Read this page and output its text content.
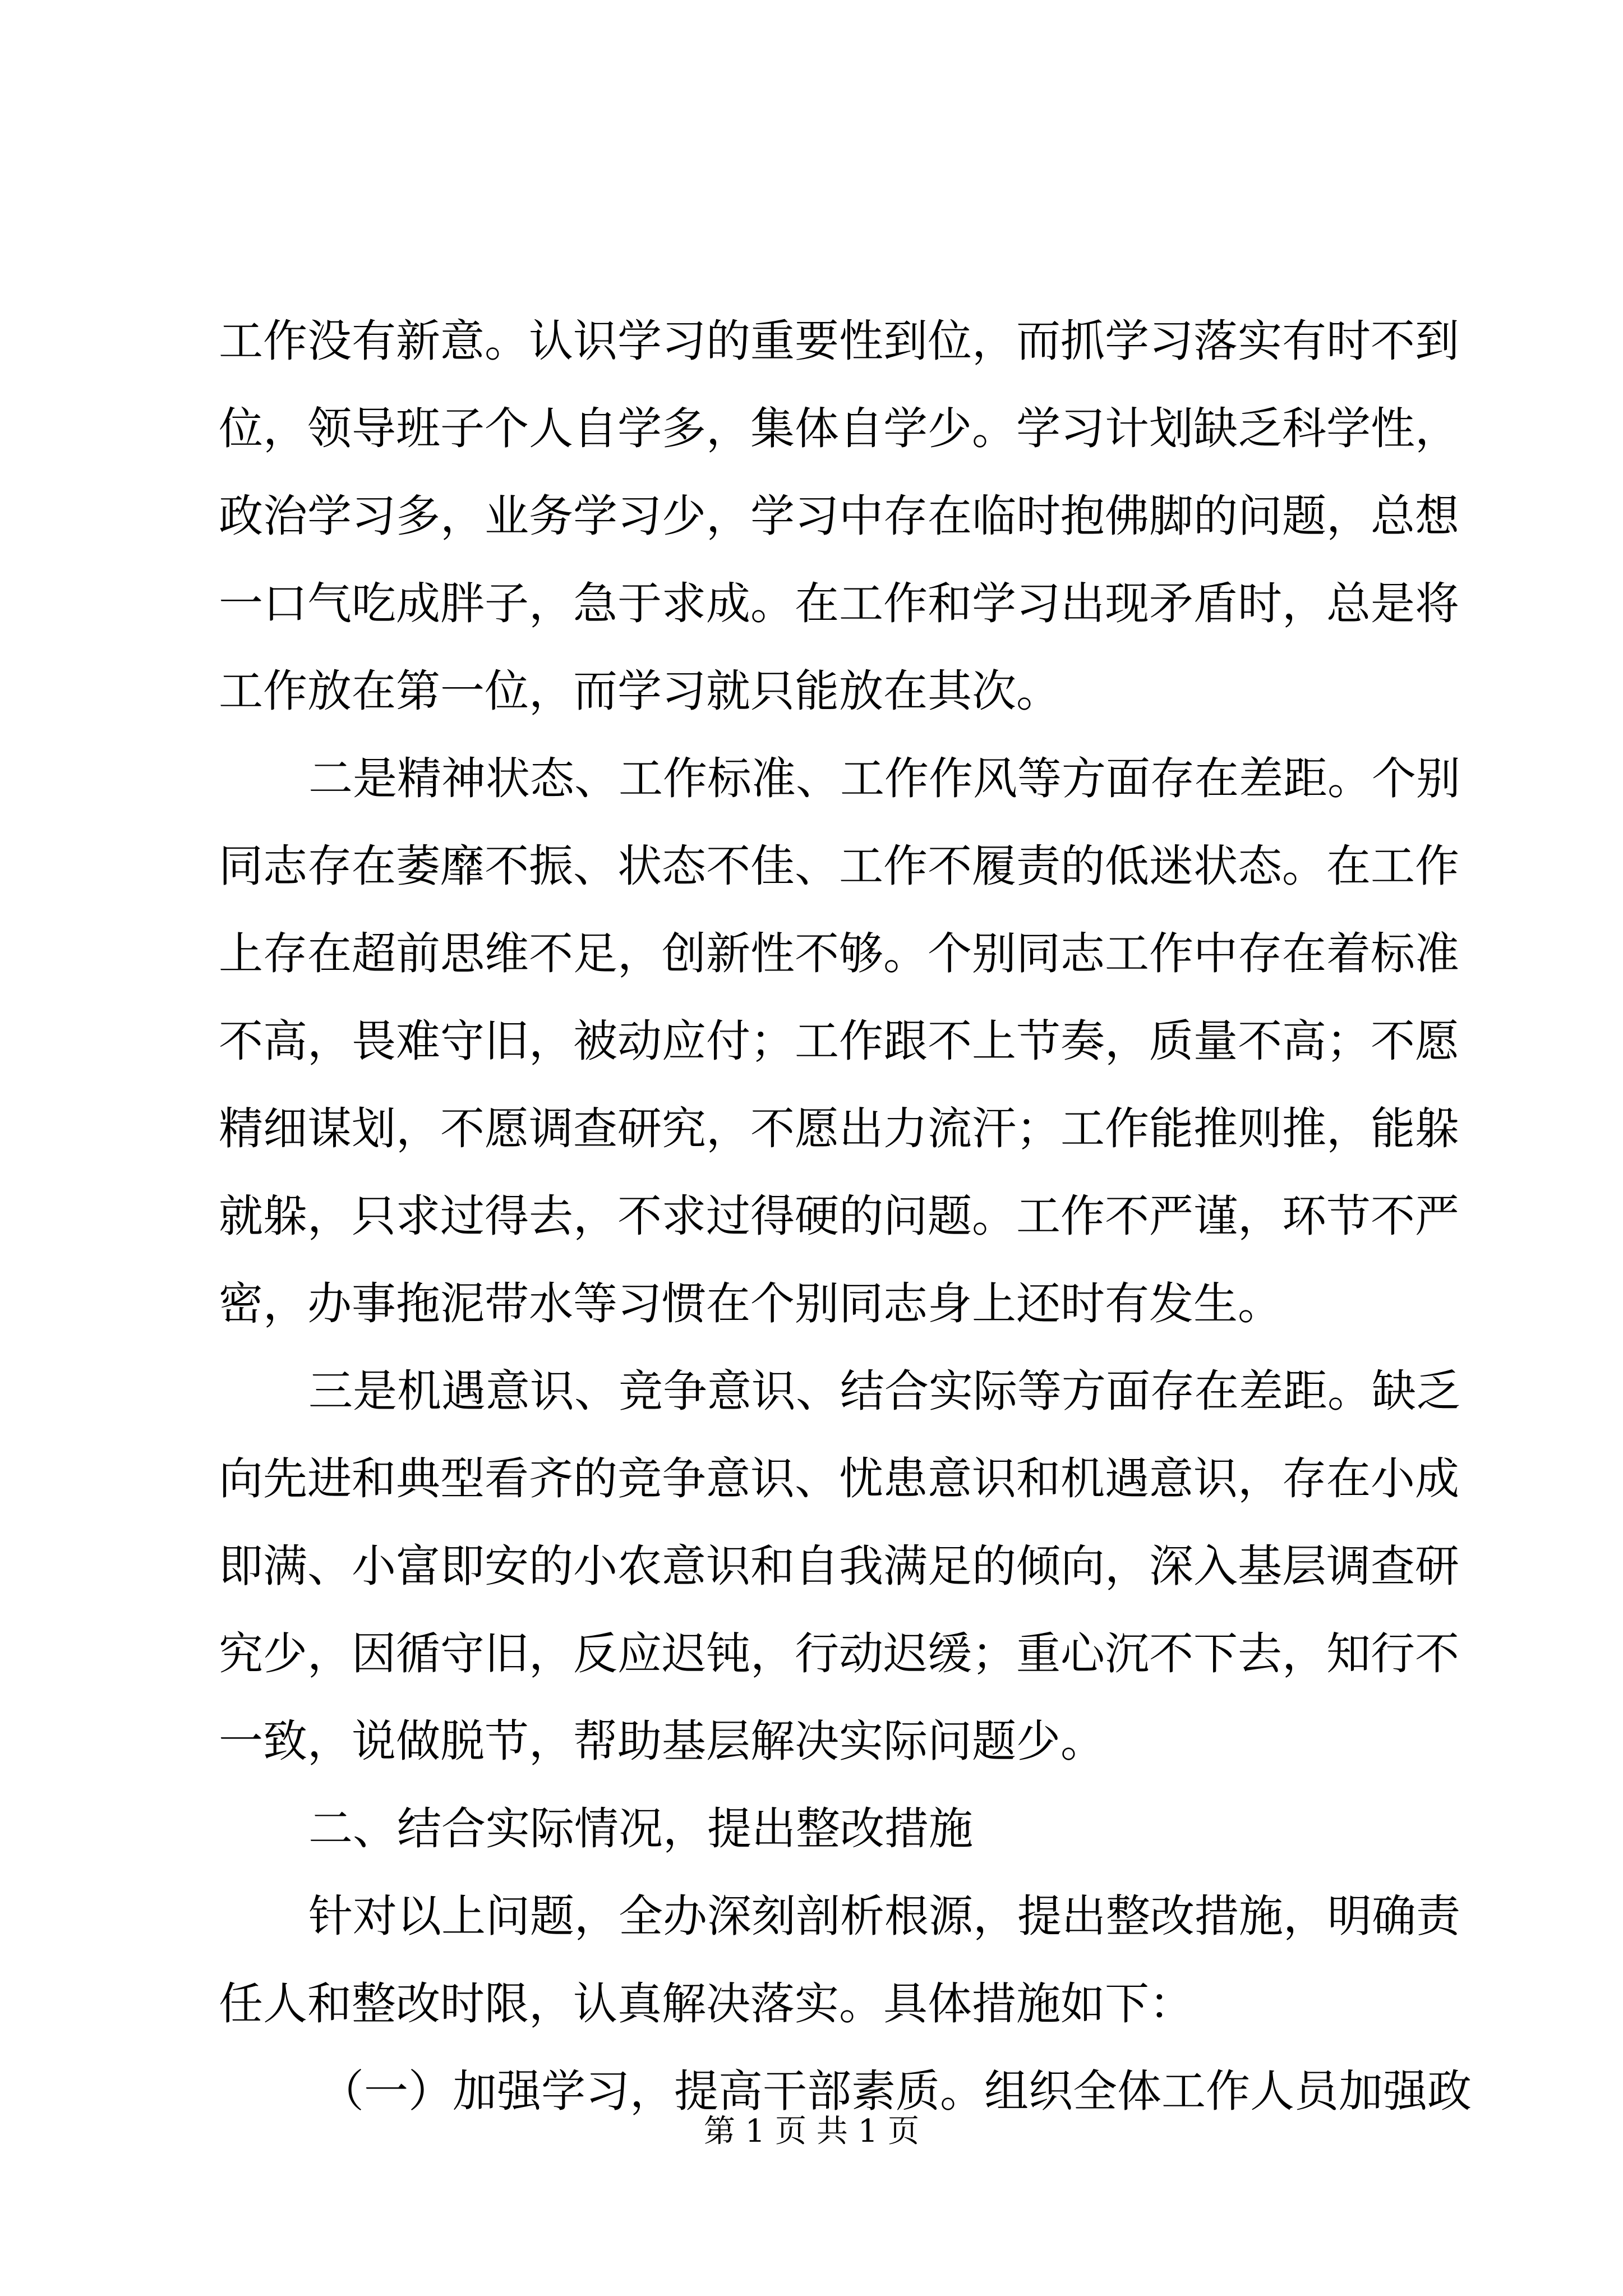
工作没有新意。认识学习的重要性到位，而抓学习落实有时不到
位，领导班子个人自学多，集体自学少。学习计划缺乏科学性，
政治学习多，业务学习少，学习中存在临时抱佛脚的问题，总想
一口气吃成胖子，急于求成。在工作和学习出现矛盾时，总是将
工作放在第一位，而学习就只能放在其次。
二是精神状态、工作标准、工作作风等方面存在差距。个别
同志存在萎靡不振、状态不佳、工作不履责的低迷状态。在工作
上存在超前思维不足，创新性不够。个别同志工作中存在着标准
不高，畏难守旧，被动应付；工作跟不上节奏，质量不高；不愿
精细谋划，不愿调查研究，不愿出力流汗；工作能推则推，能躲
就躲，只求过得去，不求过得硬的问题。工作不严谨，环节不严
密，办事拖泥带水等习惯在个别同志身上还时有发生。
三是机遇意识、竞争意识、结合实际等方面存在差距。缺乏
向先进和典型看齐的竞争意识、忧患意识和机遇意识，存在小成
即满、小富即安的小农意识和自我满足的倾向，深入基层调查研
究少，因循守旧，反应迟钝，行动迟缓；重心沉不下去，知行不
一致，说做脱节，帮助基层解决实际问题少。
二、结合实际情况，提出整改措施
针对以上问题，全办深刻剖析根源，提出整改措施，明确责
任人和整改时限，认真解决落实。具体措施如下：
（一）加强学习，提高干部素质。组织全体工作人员加强政
第 1 页 共 1 页
